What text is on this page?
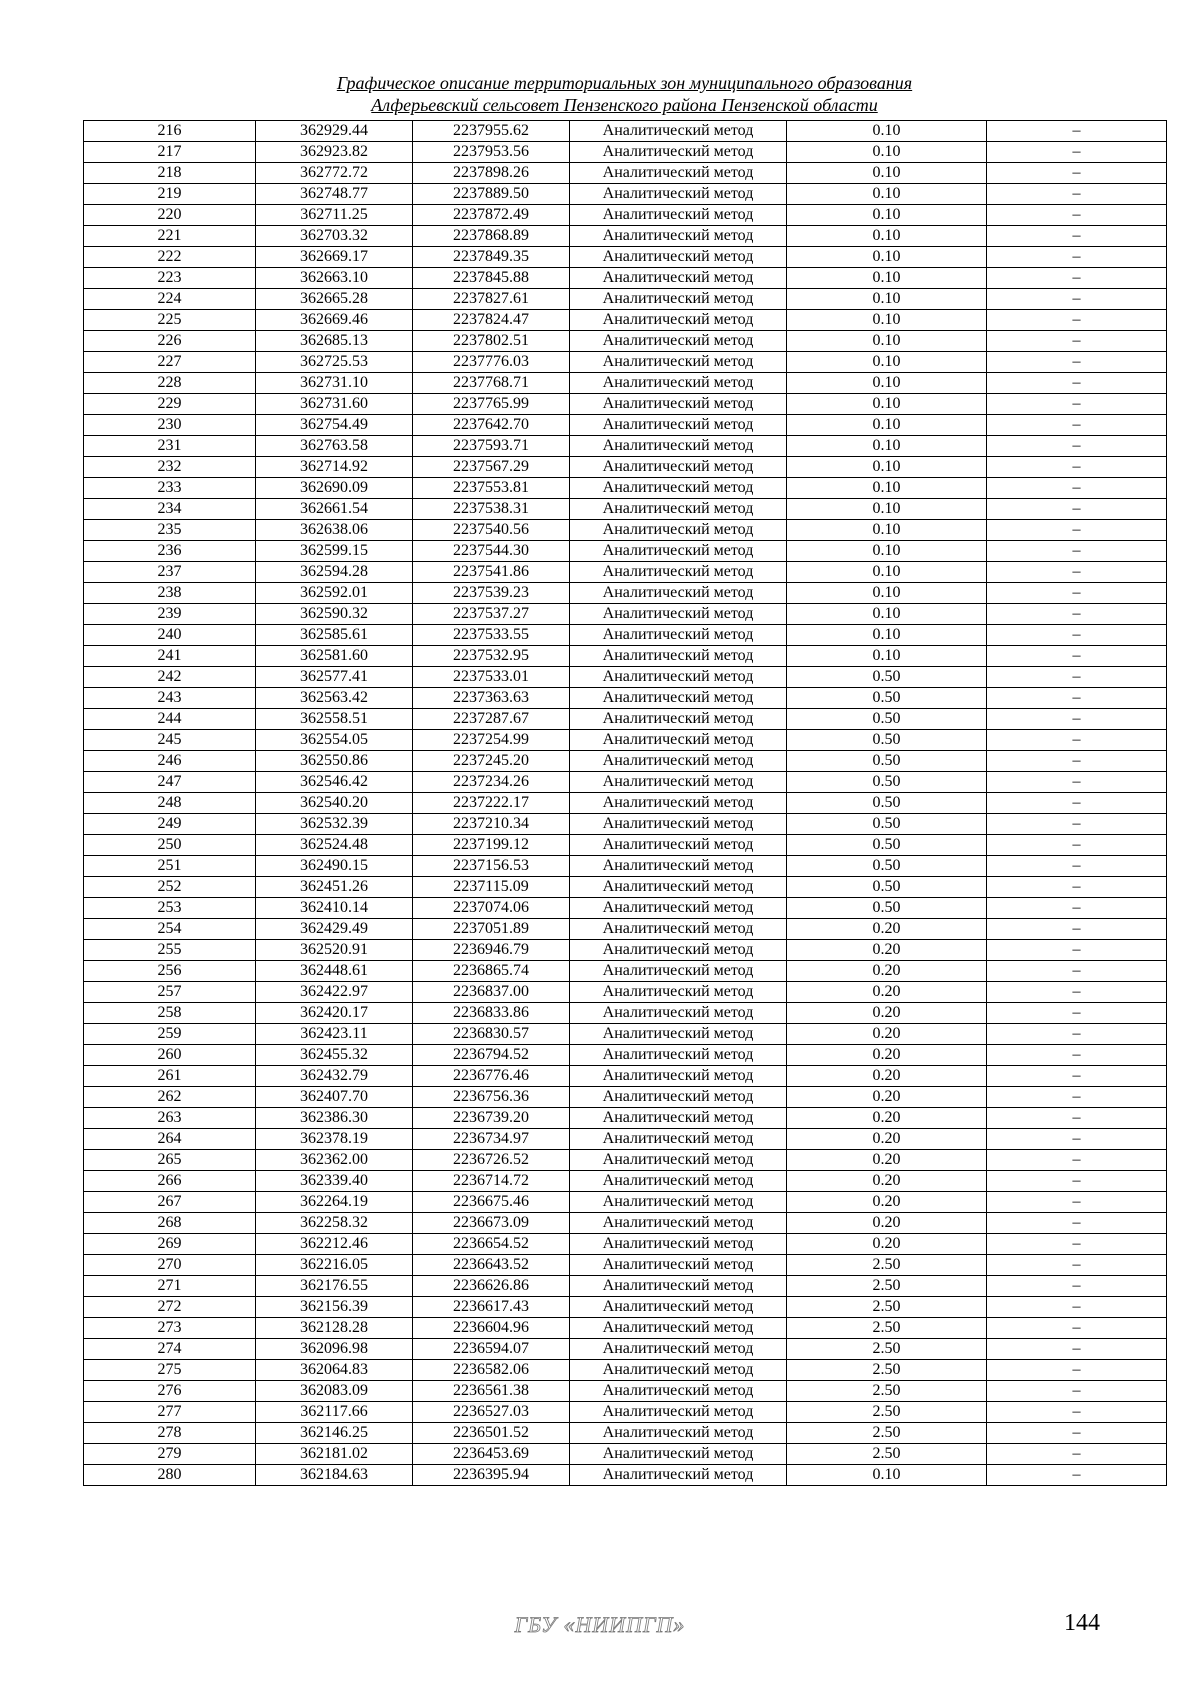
Графическое описание территориальных зон муниципального образования
Алферьевский сельсовет Пензенского района Пензенской области
216	362929.44	2237955.62	Аналитический метод	0.10	–
217	362923.82	2237953.56	Аналитический метод	0.10	–
218	362772.72	2237898.26	Аналитический метод	0.10	–
219	362748.77	2237889.50	Аналитический метод	0.10	–
220	362711.25	2237872.49	Аналитический метод	0.10	–
221	362703.32	2237868.89	Аналитический метод	0.10	–
222	362669.17	2237849.35	Аналитический метод	0.10	–
223	362663.10	2237845.88	Аналитический метод	0.10	–
224	362665.28	2237827.61	Аналитический метод	0.10	–
225	362669.46	2237824.47	Аналитический метод	0.10	–
226	362685.13	2237802.51	Аналитический метод	0.10	–
227	362725.53	2237776.03	Аналитический метод	0.10	–
228	362731.10	2237768.71	Аналитический метод	0.10	–
229	362731.60	2237765.99	Аналитический метод	0.10	–
230	362754.49	2237642.70	Аналитический метод	0.10	–
231	362763.58	2237593.71	Аналитический метод	0.10	–
232	362714.92	2237567.29	Аналитический метод	0.10	–
233	362690.09	2237553.81	Аналитический метод	0.10	–
234	362661.54	2237538.31	Аналитический метод	0.10	–
235	362638.06	2237540.56	Аналитический метод	0.10	–
236	362599.15	2237544.30	Аналитический метод	0.10	–
237	362594.28	2237541.86	Аналитический метод	0.10	–
238	362592.01	2237539.23	Аналитический метод	0.10	–
239	362590.32	2237537.27	Аналитический метод	0.10	–
240	362585.61	2237533.55	Аналитический метод	0.10	–
241	362581.60	2237532.95	Аналитический метод	0.10	–
242	362577.41	2237533.01	Аналитический метод	0.50	–
243	362563.42	2237363.63	Аналитический метод	0.50	–
244	362558.51	2237287.67	Аналитический метод	0.50	–
245	362554.05	2237254.99	Аналитический метод	0.50	–
246	362550.86	2237245.20	Аналитический метод	0.50	–
247	362546.42	2237234.26	Аналитический метод	0.50	–
248	362540.20	2237222.17	Аналитический метод	0.50	–
249	362532.39	2237210.34	Аналитический метод	0.50	–
250	362524.48	2237199.12	Аналитический метод	0.50	–
251	362490.15	2237156.53	Аналитический метод	0.50	–
252	362451.26	2237115.09	Аналитический метод	0.50	–
253	362410.14	2237074.06	Аналитический метод	0.50	–
254	362429.49	2237051.89	Аналитический метод	0.20	–
255	362520.91	2236946.79	Аналитический метод	0.20	–
256	362448.61	2236865.74	Аналитический метод	0.20	–
257	362422.97	2236837.00	Аналитический метод	0.20	–
258	362420.17	2236833.86	Аналитический метод	0.20	–
259	362423.11	2236830.57	Аналитический метод	0.20	–
260	362455.32	2236794.52	Аналитический метод	0.20	–
261	362432.79	2236776.46	Аналитический метод	0.20	–
262	362407.70	2236756.36	Аналитический метод	0.20	–
263	362386.30	2236739.20	Аналитический метод	0.20	–
264	362378.19	2236734.97	Аналитический метод	0.20	–
265	362362.00	2236726.52	Аналитический метод	0.20	–
266	362339.40	2236714.72	Аналитический метод	0.20	–
267	362264.19	2236675.46	Аналитический метод	0.20	–
268	362258.32	2236673.09	Аналитический метод	0.20	–
269	362212.46	2236654.52	Аналитический метод	0.20	–
270	362216.05	2236643.52	Аналитический метод	2.50	–
271	362176.55	2236626.86	Аналитический метод	2.50	–
272	362156.39	2236617.43	Аналитический метод	2.50	–
273	362128.28	2236604.96	Аналитический метод	2.50	–
274	362096.98	2236594.07	Аналитический метод	2.50	–
275	362064.83	2236582.06	Аналитический метод	2.50	–
276	362083.09	2236561.38	Аналитический метод	2.50	–
277	362117.66	2236527.03	Аналитический метод	2.50	–
278	362146.25	2236501.52	Аналитический метод	2.50	–
279	362181.02	2236453.69	Аналитический метод	2.50	–
280	362184.63	2236395.94	Аналитический метод	0.10	–
ГБУ «НИИПГП»	144
